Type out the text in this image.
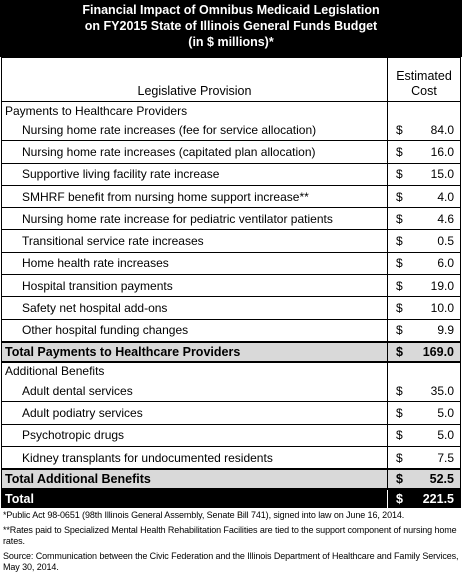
Financial Impact of Omnibus Medicaid Legislation
on FY2015 State of Illinois General Funds Budget
(in $ millions)*
Legislative Provision	Estimated
Cost	

Payments to Healthcare Providers		
Nursing home rate increases (fee for service allocation)	$	84.0
Nursing home rate increases (capitated plan allocation)	$	16.0
Supportive living facility rate increase	$	15.0
SMHRF benefit from nursing home support increase**	$	4.0
Nursing home rate increase for pediatric ventilator patients	$	4.6
Transitional service rate increases	$	0.5
Home health rate increases	$	6.0
Hospital transition payments	$	19.0
Safety net hospital add-ons	$	10.0
Other hospital funding changes	$	9.9
Total Payments to Healthcare Providers	$	169.0
Additional Benefits		
Adult dental services	$	35.0
Adult podiatry services	$	5.0
Psychotropic drugs	$	5.0
Kidney transplants for undocumented residents	$	7.5
Total Additional Benefits	$	52.5
Total	$	221.5

*Public Act 98-0651 (98th Illinois General Assembly, Senate Bill 741), signed into law on June 16, 2014.

**Rates paid to Specialized Mental Health Rehabilitation Facilities are tied to the support component of nursing home rates.

Source: Communication between the Civic Federation and the Illinois Department of Healthcare and Family Services, May 30, 2014.
